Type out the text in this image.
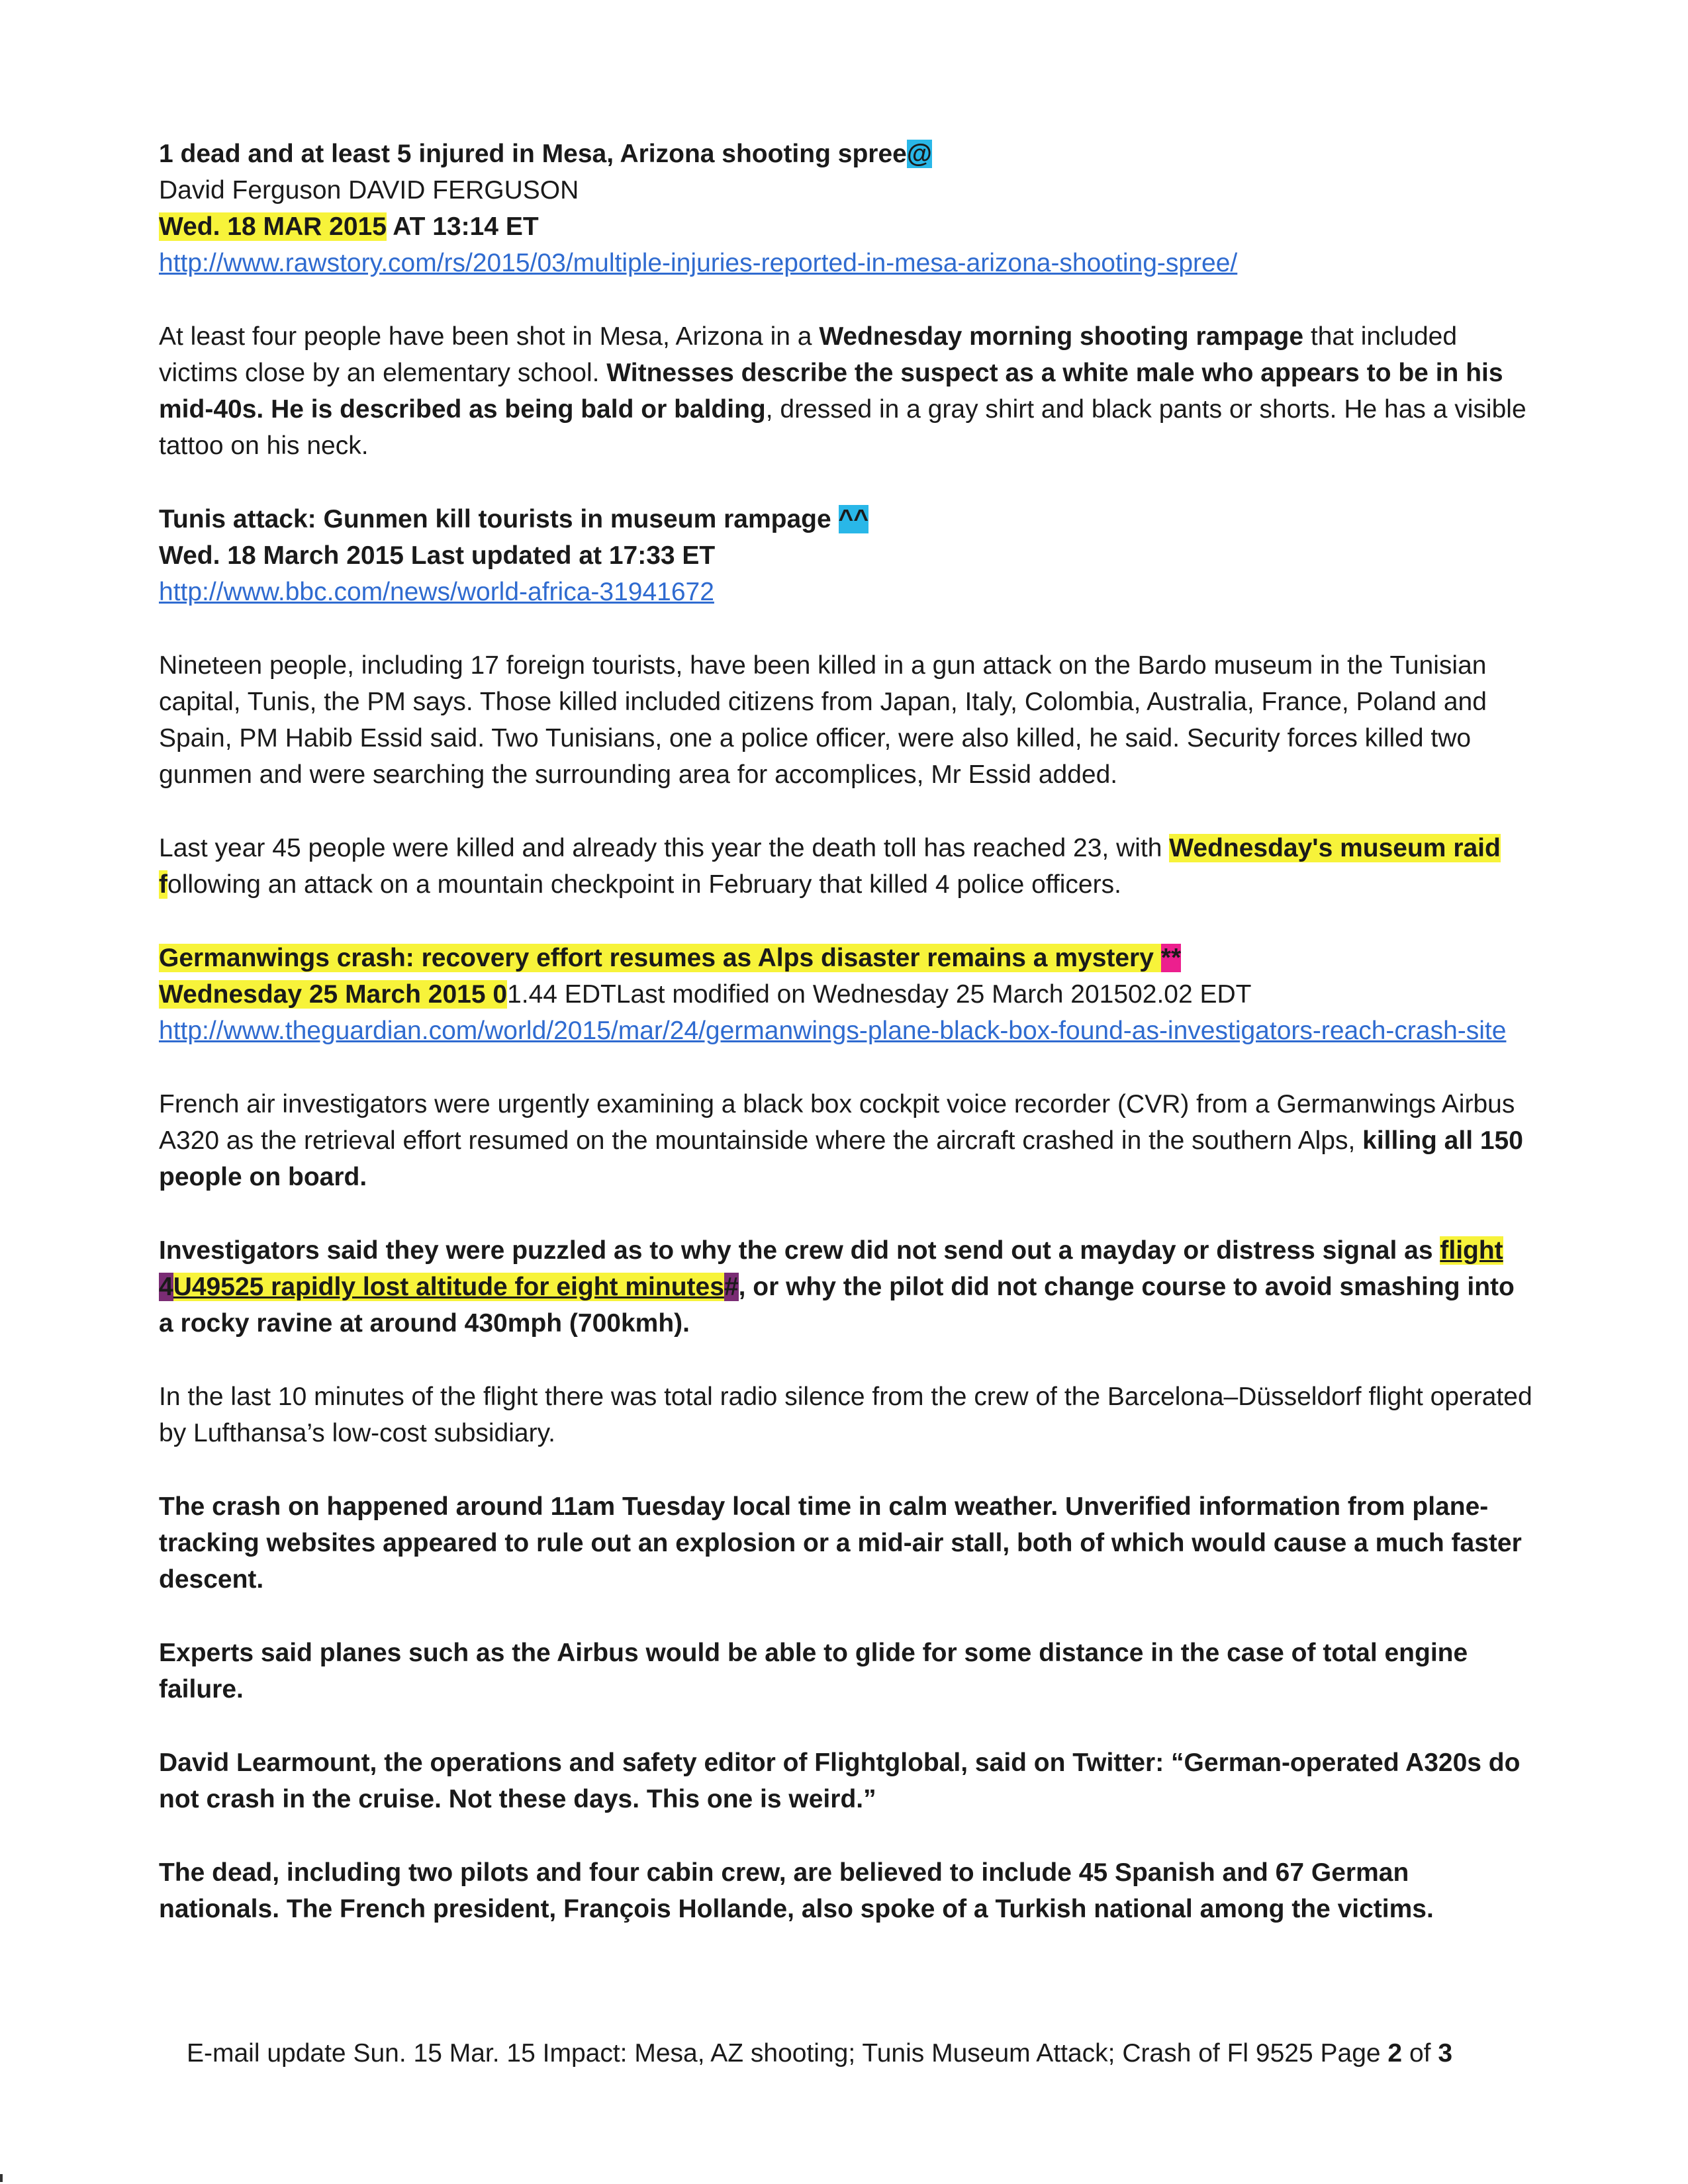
1 dead and at least 5 injured in Mesa, Arizona shooting spree@

David Ferguson DAVID FERGUSON

Wed. 18 MAR 2015 AT 13:14 ET

http://www.rawstory.com/rs/2015/03/multiple-injuries-reported-in-mesa-arizona-shooting-spree/

At least four people have been shot in Mesa, Arizona in a Wednesday morning shooting rampage that included victims close by an elementary school. Witnesses describe the suspect as a white male who appears to be in his mid-40s. He is described as being bald or balding, dressed in a gray shirt and black pants or shorts. He has a visible tattoo on his neck.

Tunis attack: Gunmen kill tourists in museum rampage ^^

Wed. 18 March 2015 Last updated at 17:33 ET

http://www.bbc.com/news/world-africa-31941672

Nineteen people, including 17 foreign tourists, have been killed in a gun attack on the Bardo museum in the Tunisian capital, Tunis, the PM says. Those killed included citizens from Japan, Italy, Colombia, Australia, France, Poland and Spain, PM Habib Essid said. Two Tunisians, one a police officer, were also killed, he said. Security forces killed two gunmen and were searching the surrounding area for accomplices, Mr Essid added.

Last year 45 people were killed and already this year the death toll has reached 23, with Wednesday's museum raid following an attack on a mountain checkpoint in February that killed 4 police officers.

Germanwings crash: recovery effort resumes as Alps disaster remains a mystery **

Wednesday 25 March 2015 01.44 EDTLast modified on Wednesday 25 March 201502.02 EDT

http://www.theguardian.com/world/2015/mar/24/germanwings-plane-black-box-found-as-investigators-reach-crash-site

French air investigators were urgently examining a black box cockpit voice recorder (CVR) from a Germanwings Airbus A320 as the retrieval effort resumed on the mountainside where the aircraft crashed in the southern Alps, killing all 150 people on board.

Investigators said they were puzzled as to why the crew did not send out a mayday or distress signal as flight 4U49525 rapidly lost altitude for eight minutes#, or why the pilot did not change course to avoid smashing into a rocky ravine at around 430mph (700kmh).

In the last 10 minutes of the flight there was total radio silence from the crew of the Barcelona–Düsseldorf flight operated by Lufthansa’s low-cost subsidiary.

The crash on happened around 11am Tuesday local time in calm weather. Unverified information from plane-tracking websites appeared to rule out an explosion or a mid-air stall, both of which would cause a much faster descent.

Experts said planes such as the Airbus would be able to glide for some distance in the case of total engine failure.

David Learmount, the operations and safety editor of Flightglobal, said on Twitter: “German-operated A320s do not crash in the cruise. Not these days. This one is weird.”

The dead, including two pilots and four cabin crew, are believed to include 45 Spanish and 67 German nationals. The French president, François Hollande, also spoke of a Turkish national among the victims.

E-mail update Sun. 15 Mar. 15 Impact: Mesa, AZ shooting; Tunis Museum Attack; Crash of Fl 9525 Page 2 of 3
